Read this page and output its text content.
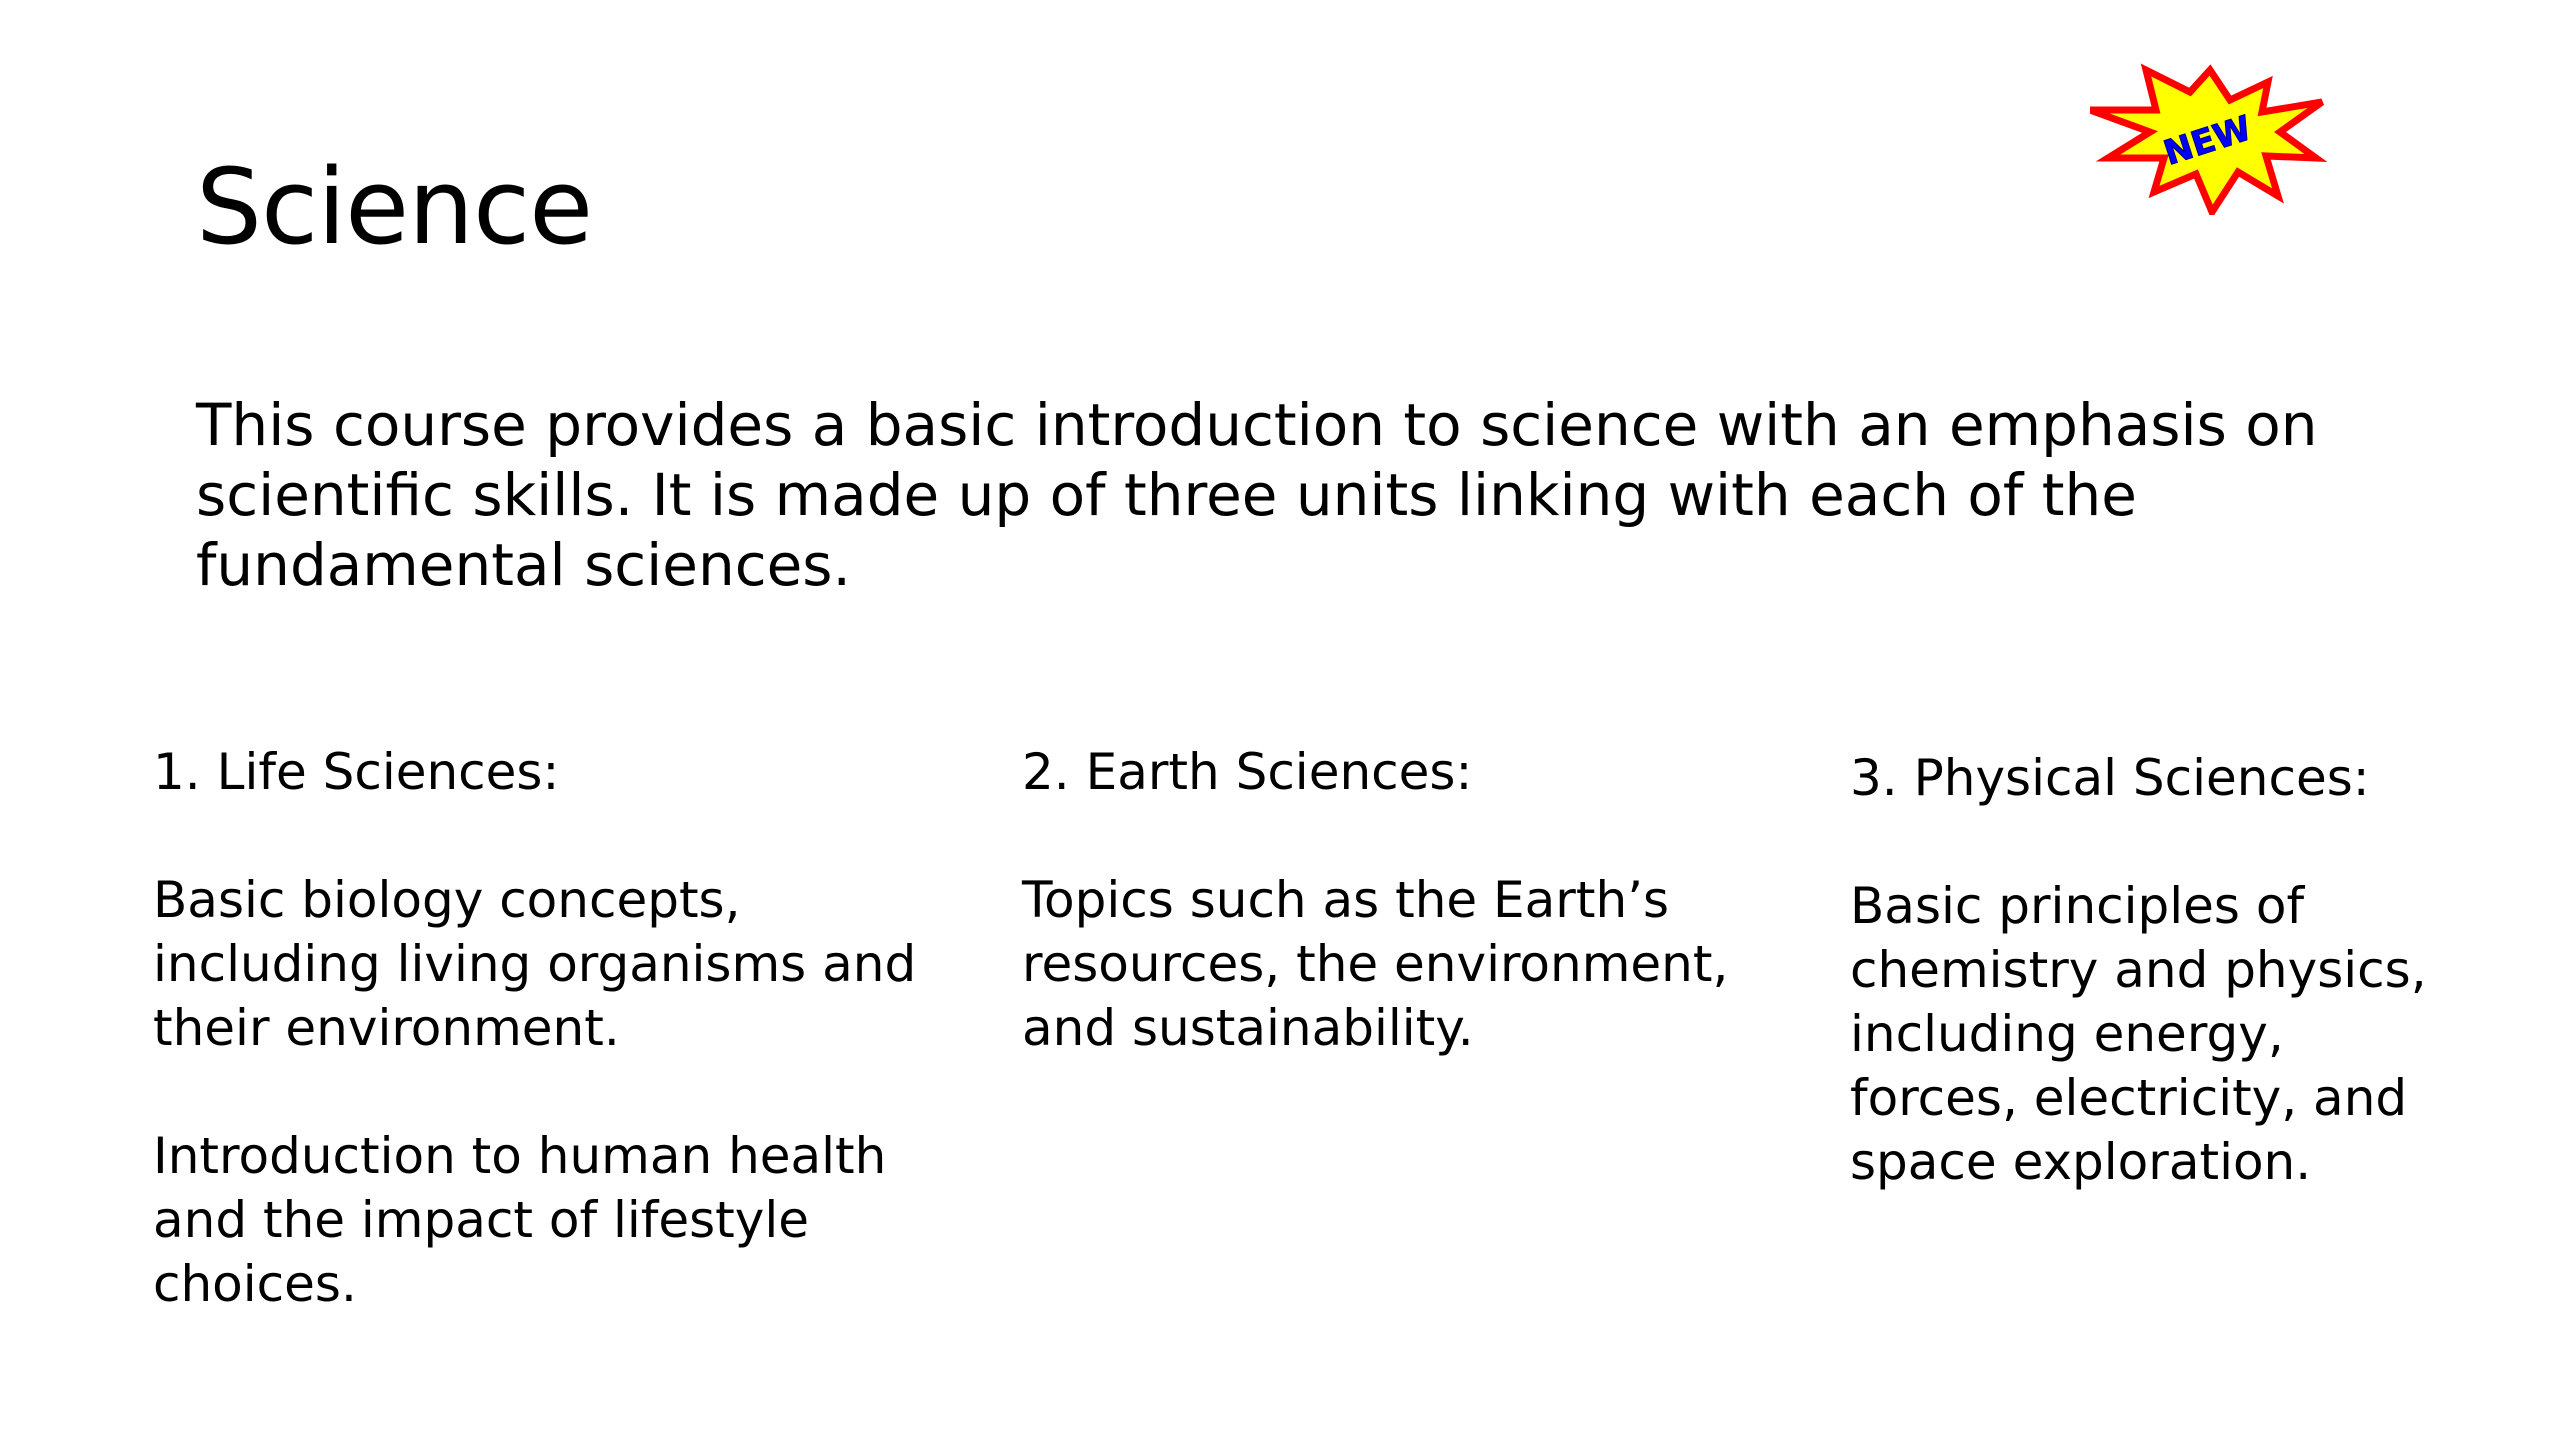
Science
NEW

This course provides a basic introduction to science with an emphasis on scientific skills. It is made up of three units linking with each of the fundamental sciences.

1. Life Sciences:

Basic biology concepts, including living organisms and their environment.

Introduction to human health and the impact of lifestyle choices.

2. Earth Sciences:

Topics such as the Earth’s resources, the environment, and sustainability.

3. Physical Sciences:

Basic principles of chemistry and physics, including energy, forces, electricity, and space exploration.
